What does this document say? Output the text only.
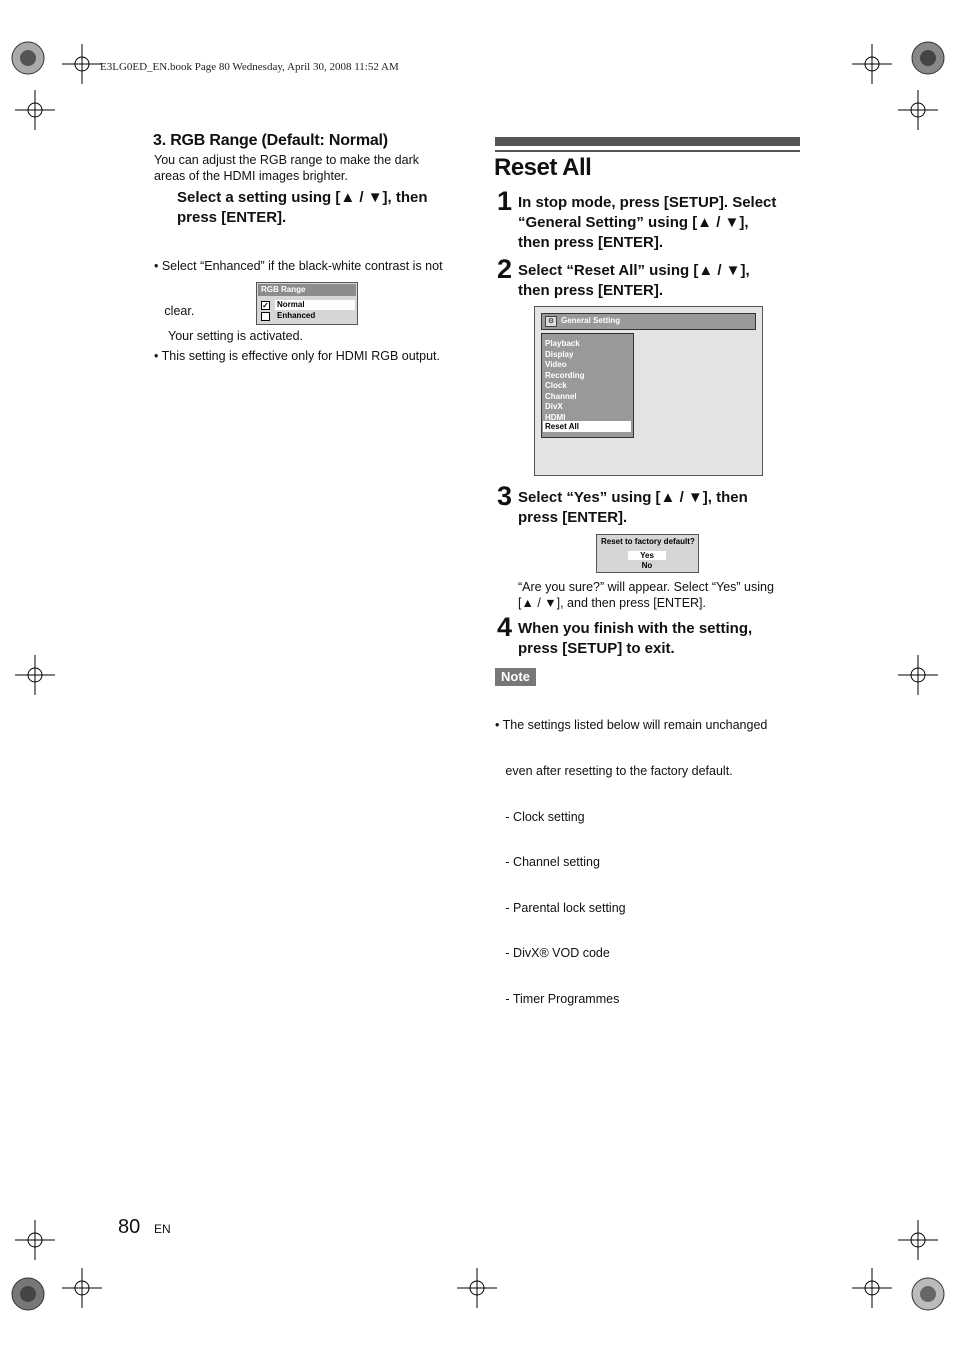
E3LG0ED_EN.book Page 80 Wednesday, April 30, 2008 11:52 AM
3. RGB Range (Default: Normal)
You can adjust the RGB range to make the dark
areas of the HDMI images brighter.
Select a setting using [▲ / ▼], then
press [ENTER].

• Select “Enhanced” if the black-white contrast is not

clear.

• This setting is effective only for HDMI RGB output.

RGB Range
✓ Normal
Enhanced
Your setting is activated.
Reset All
1 In stop mode, press [SETUP]. Select
“General Setting” using [▲ / ▼],
then press [ENTER].
2 Select “Reset All” using [▲ / ▼],
then press [ENTER].
⚙ General Setting
Playback
Display
Video
Recording
Clock
Channel
DivX
HDMI
Reset All
3 Select “Yes” using [▲ / ▼], then
press [ENTER].
Reset to factory default?
Yes
No
“Are you sure?” will appear. Select “Yes” using
[▲ / ▼], and then press [ENTER].
4 When you finish with the setting,
press [SETUP] to exit.
Note

• The settings listed below will remain unchanged

even after resetting to the factory default.

- Clock setting

- Channel setting

- Parental lock setting

- DivX® VOD code

- Timer Programmes

80 EN
